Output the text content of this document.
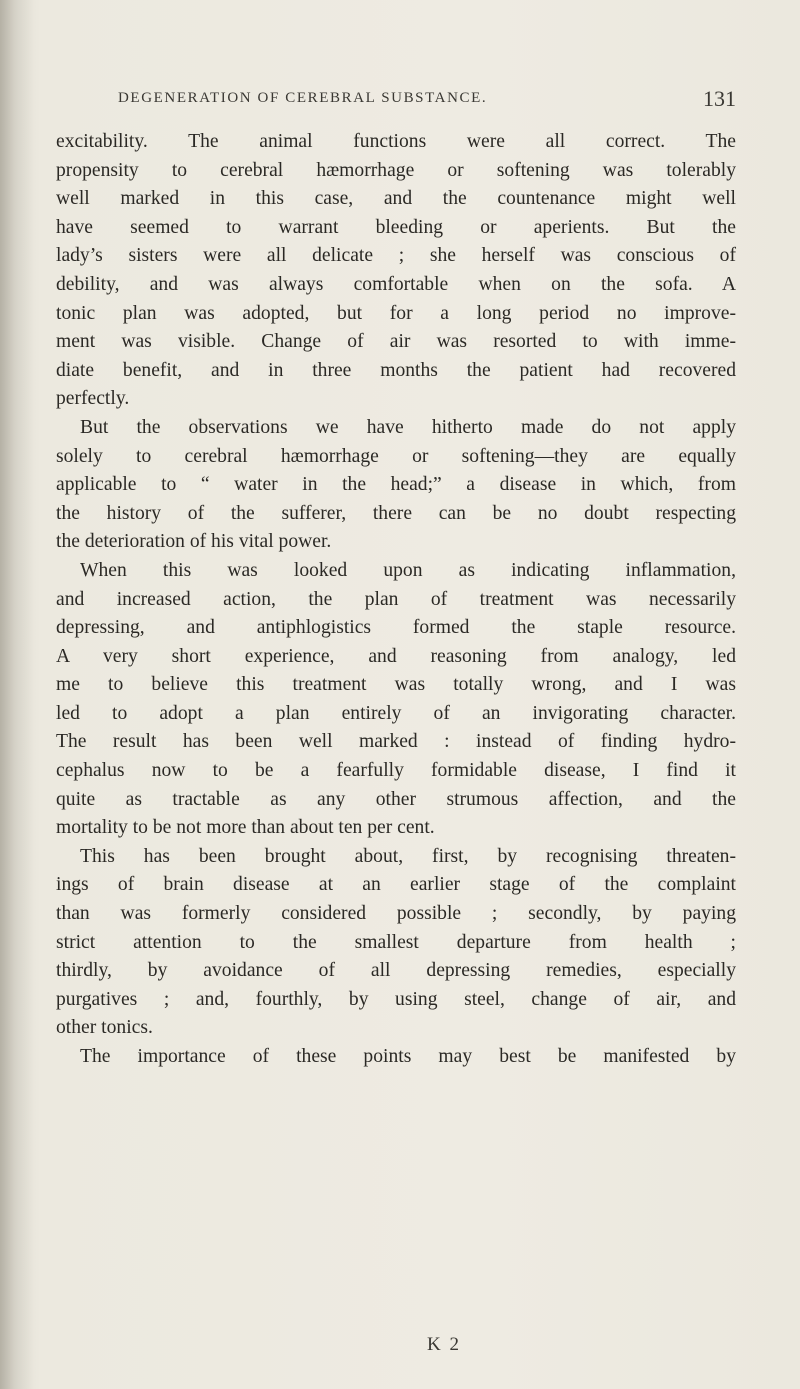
DEGENERATION OF CEREBRAL SUBSTANCE.	131
excitability. The animal functions were all correct. The
propensity to cerebral hæmorrhage or softening was tolerably
well marked in this case, and the countenance might well
have seemed to warrant bleeding or aperients. But the
lady’s sisters were all delicate ; she herself was conscious of
debility, and was always comfortable when on the sofa. A
tonic plan was adopted, but for a long period no improve-
ment was visible. Change of air was resorted to with imme-
diate benefit, and in three months the patient had recovered
perfectly.
But the observations we have hitherto made do not apply
solely to cerebral hæmorrhage or softening—they are equally
applicable to “ water in the head;” a disease in which, from
the history of the sufferer, there can be no doubt respecting
the deterioration of his vital power.
When this was looked upon as indicating inflammation,
and increased action, the plan of treatment was necessarily
depressing, and antiphlogistics formed the staple resource.
A very short experience, and reasoning from analogy, led
me to believe this treatment was totally wrong, and I was
led to adopt a plan entirely of an invigorating character.
The result has been well marked : instead of finding hydro-
cephalus now to be a fearfully formidable disease, I find it
quite as tractable as any other strumous affection, and the
mortality to be not more than about ten per cent.
This has been brought about, first, by recognising threaten-
ings of brain disease at an earlier stage of the complaint
than was formerly considered possible ; secondly, by paying
strict attention to the smallest departure from health ;
thirdly, by avoidance of all depressing remedies, especially
purgatives ; and, fourthly, by using steel, change of air, and
other tonics.
The importance of these points may best be manifested by
K 2
